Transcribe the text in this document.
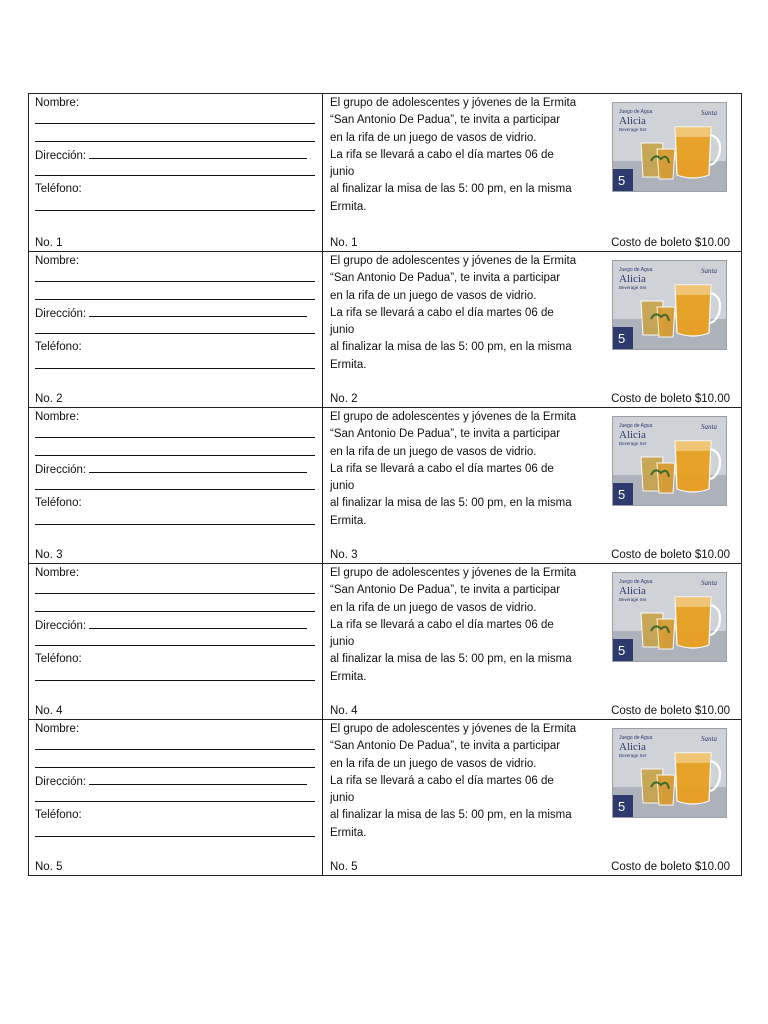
Nombre:
Dirección:
Teléfono:
No. 1
El grupo de adolescentes y jóvenes de la Ermita
“San Antonio De Padua”, te invita a participar
en la rifa de un juego de vasos de vidrio.
La rifa se llevará a cabo el día martes 06 de
junio
al finalizar la misa de las 5: 00 pm, en la misma
Ermita.
Juego de Agua
Alicia
Beverage Set
Santa
5
No. 1	Costo de boleto $10.00
Nombre:
Dirección:
Teléfono:
No. 2
El grupo de adolescentes y jóvenes de la Ermita
“San Antonio De Padua”, te invita a participar
en la rifa de un juego de vasos de vidrio.
La rifa se llevará a cabo el día martes 06 de
junio
al finalizar la misa de las 5: 00 pm, en la misma
Ermita.
Juego de Agua
Alicia
Beverage Set
Santa
5
No. 2	Costo de boleto $10.00
Nombre:
Dirección:
Teléfono:
No. 3
El grupo de adolescentes y jóvenes de la Ermita
“San Antonio De Padua”, te invita a participar
en la rifa de un juego de vasos de vidrio.
La rifa se llevará a cabo el día martes 06 de
junio
al finalizar la misa de las 5: 00 pm, en la misma
Ermita.
Juego de Agua
Alicia
Beverage Set
Santa
5
No. 3	Costo de boleto $10.00
Nombre:
Dirección:
Teléfono:
No. 4
El grupo de adolescentes y jóvenes de la Ermita
“San Antonio De Padua”, te invita a participar
en la rifa de un juego de vasos de vidrio.
La rifa se llevará a cabo el día martes 06 de
junio
al finalizar la misa de las 5: 00 pm, en la misma
Ermita.
Juego de Agua
Alicia
Beverage Set
Santa
5
No. 4	Costo de boleto $10.00
Nombre:
Dirección:
Teléfono:
No. 5
El grupo de adolescentes y jóvenes de la Ermita
“San Antonio De Padua”, te invita a participar
en la rifa de un juego de vasos de vidrio.
La rifa se llevará a cabo el día martes 06 de
junio
al finalizar la misa de las 5: 00 pm, en la misma
Ermita.
Juego de Agua
Alicia
Beverage Set
Santa
5
No. 5	Costo de boleto $10.00
